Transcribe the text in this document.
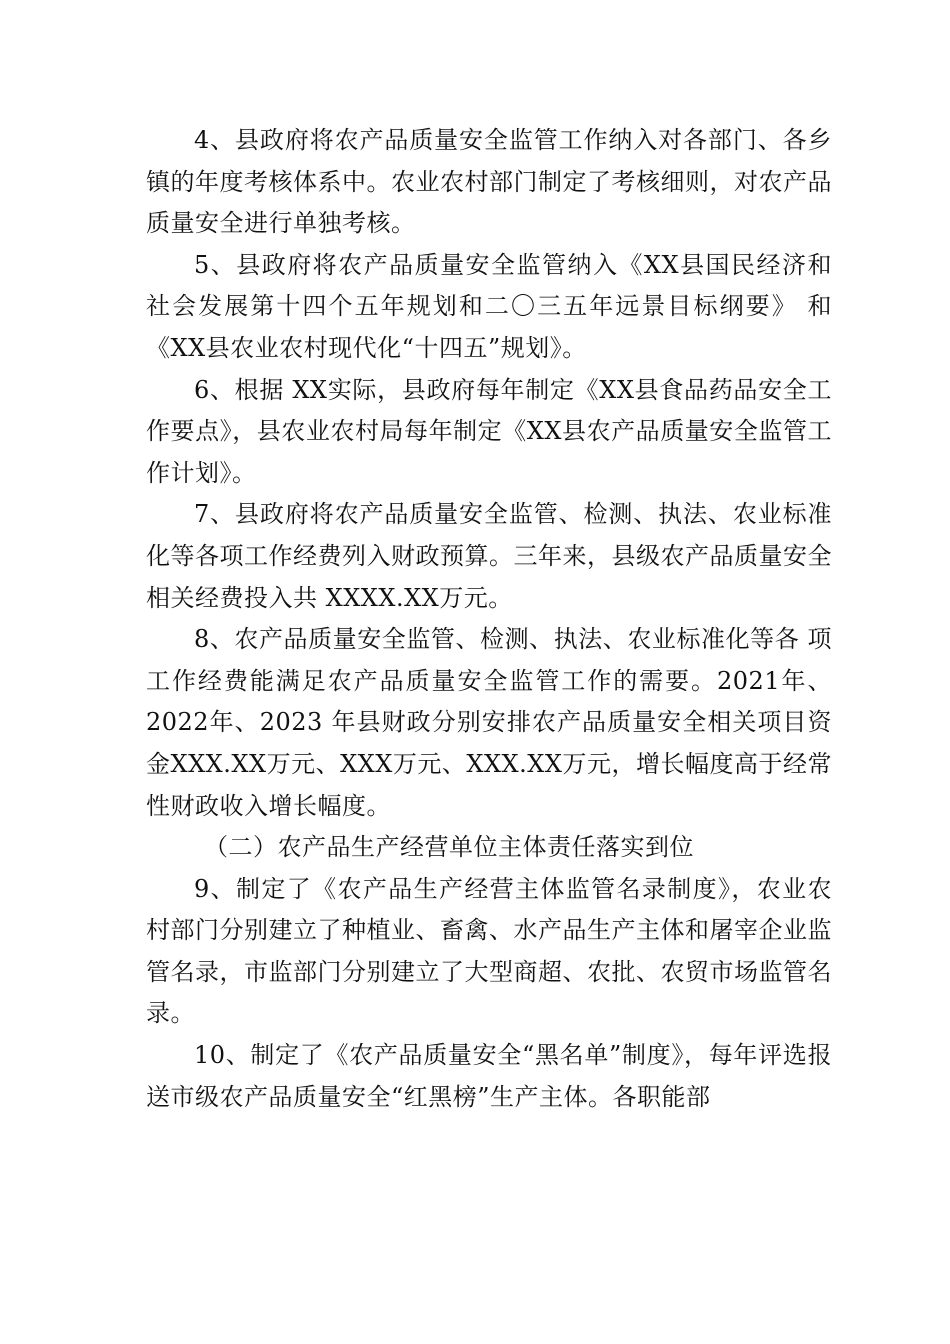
4、县政府将农产品质量安全监管工作纳入对各部门、各乡镇的年度考核体系中。农业农村部门制定了考核细则，对农产品质量安全进行单独考核。

5、县政府将农产品质量安全监管纳入《XX县国民经济和社会发展第十四个五年规划和二〇三五年远景目标纲要》 和《XX县农业农村现代化“十四五”规划》。

6、根据 XX实际，县政府每年制定《XX县食品药品安全工作要点》，县农业农村局每年制定《XX县农产品质量安全监管工作计划》。

7、县政府将农产品质量安全监管、检测、执法、农业标准化等各项工作经费列入财政预算。三年来，县级农产品质量安全相关经费投入共 XXXX.XX万元。

8、农产品质量安全监管、检测、执法、农业标准化等各 项工作经费能满足农产品质量安全监管工作的需要。2021年、2022年、2023 年县财政分别安排农产品质量安全相关项目资金XXX.XX万元、XXX万元、XXX.XX万元，增长幅度高于经常性财政收入增长幅度。

（二）农产品生产经营单位主体责任落实到位

9、制定了《农产品生产经营主体监管名录制度》，农业农村部门分别建立了种植业、畜禽、水产品生产主体和屠宰企业监管名录，市监部门分别建立了大型商超、农批、农贸市场监管名录。

10、制定了《农产品质量安全“黑名单”制度》，每年评选报送市级农产品质量安全“红黑榜”生产主体。各职能部
